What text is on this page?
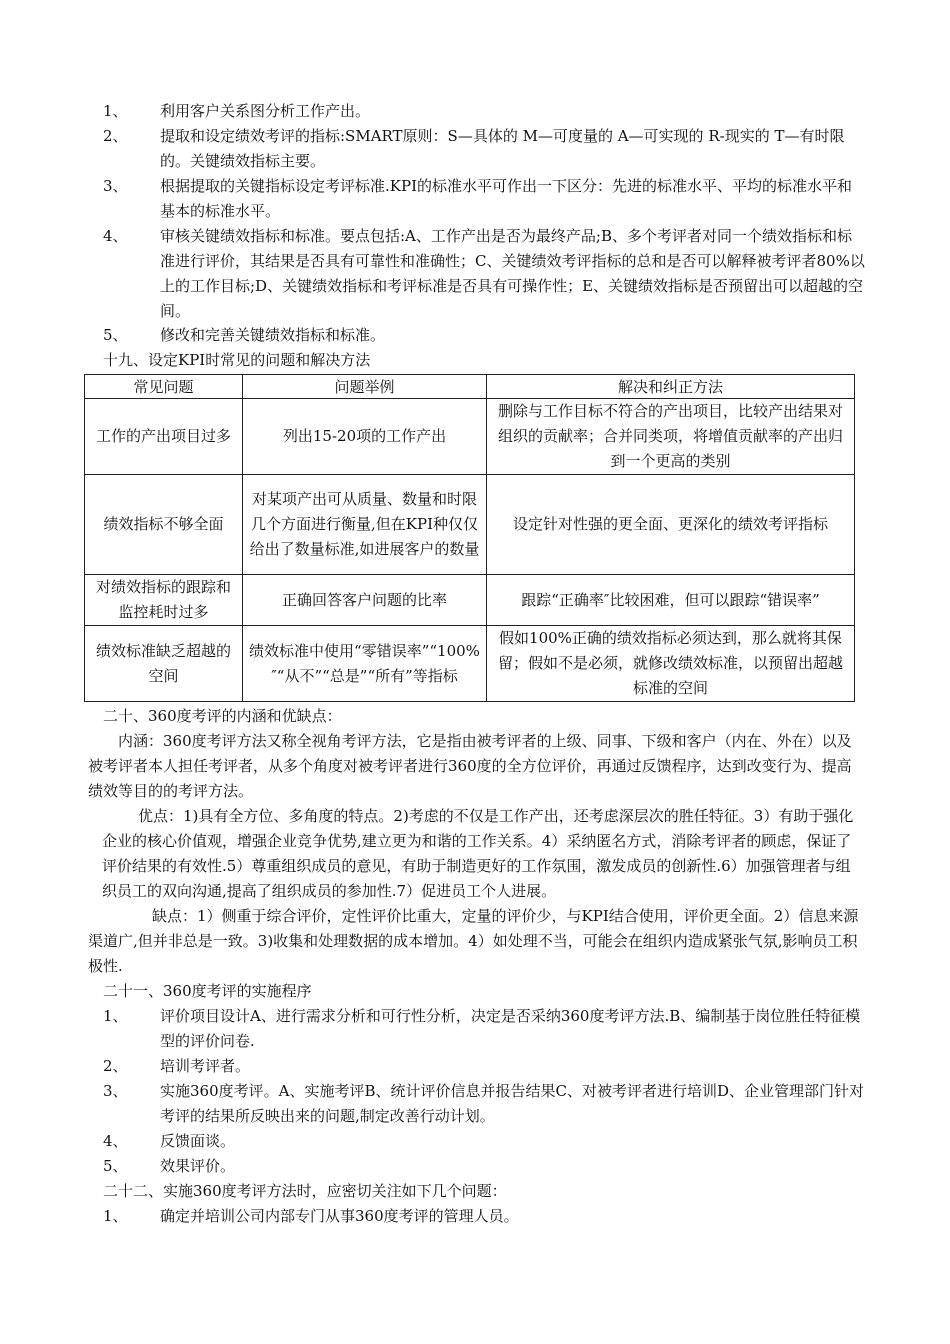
1、	利用客户关系图分析工作产出。
2、	提取和设定绩效考评的指标:SMART原则：S—具体的 M—可度量的 A—可实现的 R-现实的 T—有时限的。关键绩效指标主要。
3、	根据提取的关键指标设定考评标准.KPI的标准水平可作出一下区分：先进的标准水平、平均的标准水平和基本的标准水平。
4、	审核关键绩效指标和标准。要点包括:A、工作产出是否为最终产品;B、多个考评者对同一个绩效指标和标准进行评价，其结果是否具有可靠性和准确性；C、关键绩效考评指标的总和是否可以解释被考评者80%以上的工作目标;D、关键绩效指标和考评标准是否具有可操作性；E、关键绩效指标是否预留出可以超越的空间。
5、	修改和完善关键绩效指标和标准。
十九、设定KPI时常见的问题和解决方法
常见问题	问题举例	解决和纠正方法
工作的产出项目过多	列出15-20项的工作产出	删除与工作目标不符合的产出项目，比较产出结果对组织的贡献率；合并同类项，将增值贡献率的产出归到一个更高的类别
绩效指标不够全面	对某项产出可从质量、数量和时限几个方面进行衡量,但在KPI种仅仅给出了数量标准,如进展客户的数量	设定针对性强的更全面、更深化的绩效考评指标
对绩效指标的跟踪和监控耗时过多	正确回答客户问题的比率	跟踪“正确率″比较困难，但可以跟踪“错误率”
绩效标准缺乏超越的空间	绩效标准中使用“零错误率”“100%″“从不”“总是”“所有”等指标	假如100%正确的绩效指标必须达到，那么就将其保留；假如不是必须，就修改绩效标准，以预留出超越标准的空间
二十、360度考评的内涵和优缺点：
内涵：360度考评方法又称全视角考评方法，它是指由被考评者的上级、同事、下级和客户（内在、外在）以及被考评者本人担任考评者，从多个角度对被考评者进行360度的全方位评价，再通过反馈程序，达到改变行为、提高绩效等目的的考评方法。
优点：1)具有全方位、多角度的特点。2)考虑的不仅是工作产出，还考虑深层次的胜任特征。3）有助于强化企业的核心价值观，增强企业竞争优势,建立更为和谐的工作关系。4）采纳匿名方式，消除考评者的顾虑，保证了评价结果的有效性.5）尊重组织成员的意见，有助于制造更好的工作氛围，激发成员的创新性.6）加强管理者与组织员工的双向沟通,提高了组织成员的参加性.7）促进员工个人进展。
缺点：1）侧重于综合评价，定性评价比重大，定量的评价少，与KPI结合使用，评价更全面。2）信息来源渠道广,但并非总是一致。3)收集和处理数据的成本增加。4）如处理不当，可能会在组织内造成紧张气氛,影响员工积极性.
二十一、360度考评的实施程序
1、	评价项目设计A、进行需求分析和可行性分析，决定是否采纳360度考评方法.B、编制基于岗位胜任特征模型的评价问卷.
2、	培训考评者。
3、	实施360度考评。A、实施考评B、统计评价信息并报告结果C、对被考评者进行培训D、企业管理部门针对考评的结果所反映出来的问题,制定改善行动计划。
4、	反馈面谈。
5、	效果评价。
二十二、实施360度考评方法时，应密切关注如下几个问题：
1、	确定并培训公司内部专门从事360度考评的管理人员。
